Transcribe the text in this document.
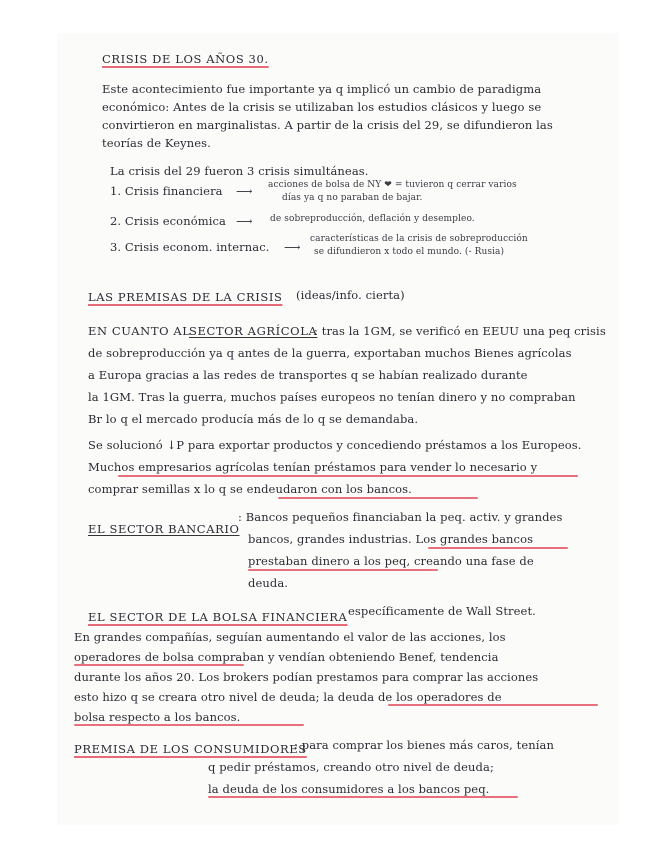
CRISIS DE LOS AÑOS 30.
Este acontecimiento fue importante ya q implicó un cambio de paradigma
económico: Antes de la crisis se utilizaban los estudios clásicos y luego se
convirtieron en marginalistas. A partir de la crisis del 29, se difundieron las
teorías de Keynes.
La crisis del 29 fueron 3 crisis simultáneas.
1. Crisis financiera ⟶ acciones de bolsa de NY ❤ = tuvieron q cerrar varios
días ya q no paraban de bajar.
2. Crisis económica ⟶ de sobreproducción, deflación y desempleo.
3. Crisis econom. internac. ⟶
características de la crisis de sobreproducción
se difundieron x todo el mundo. (- Rusia)
LAS PREMISAS DE LA CRISIS (ideas/info. cierta)
EN CUANTO AL
SECTOR AGRÍCOLA
: tras la 1GM, se verificó en EEUU una peq crisis
de sobreproducción ya q antes de la guerra, exportaban muchos Bienes agrícolas
a Europa gracias a las redes de transportes q se habían realizado durante
la 1GM. Tras la guerra, muchos países europeos no tenían dinero y no compraban
Br lo q el mercado producía más de lo q se demandaba.
Se solucionó ↓P para exportar productos y concediendo préstamos a los Europeos.
Muchos empresarios agrícolas tenían préstamos para vender lo necesario y
comprar semillas x lo q se endeudaron con los bancos.
EL SECTOR BANCARIO
: Bancos pequeños financiaban la peq. activ. y grandes
bancos, grandes industrias. Los grandes bancos
prestaban dinero a los peq, creando una fase de
deuda.
EL SECTOR DE LA BOLSA FINANCIERA específicamente de Wall Street.
En grandes compañías, seguían aumentando el valor de las acciones, los
operadores de bolsa compraban y vendían obteniendo Benef, tendencia
durante los años 20. Los brokers podían prestamos para comprar las acciones
esto hizo q se creara otro nivel de deuda; la deuda de los operadores de
bolsa respecto a los bancos.
PREMISA DE LOS CONSUMIDORES
: para comprar los bienes más caros, tenían
q pedir préstamos, creando otro nivel de deuda;
la deuda de los consumidores a los bancos peq.
